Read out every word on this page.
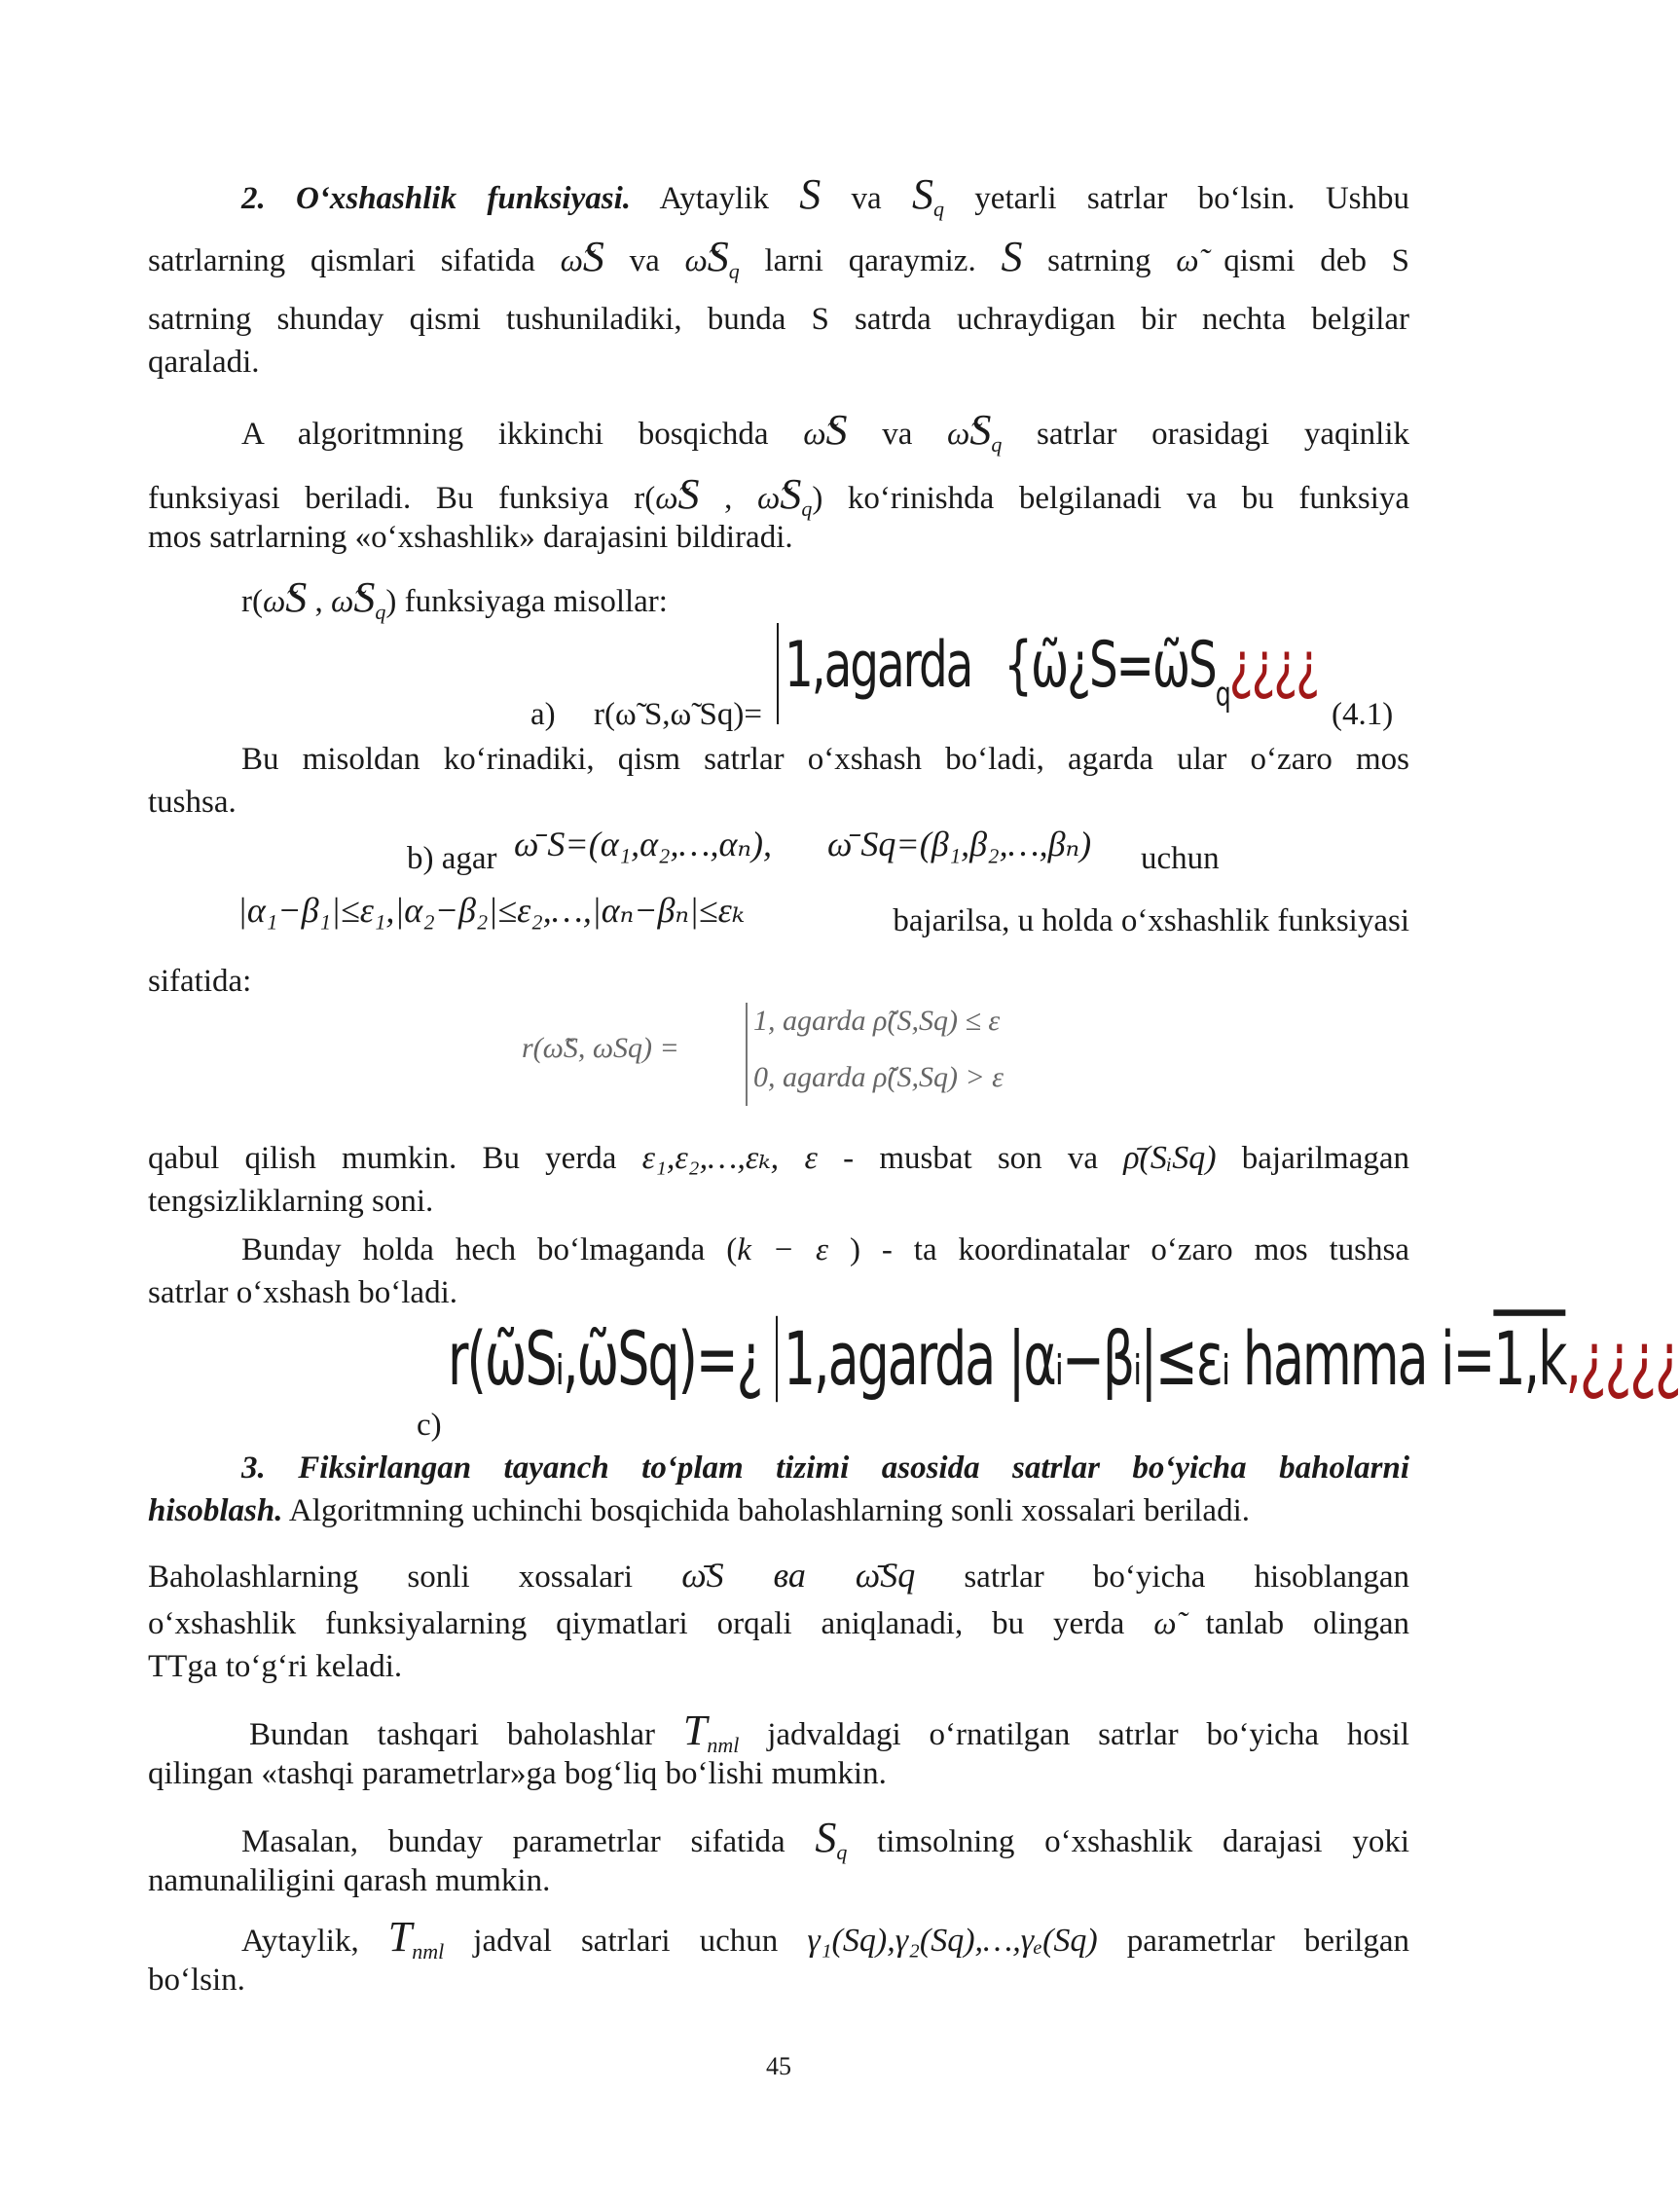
2. O‘xshashlik funksiyasi. Aytaylik S va $S_q$ yetarli satrlar bo‘lsin. Ushbu
satrlarning qismlari sifatida ω̃S va $\omegãS_q$ larni qaraymiz. S satrning ω̃ qismi deb S
satrning shunday qismi tushuniladiki, bunda S satrda uchraydigan bir nechta belgilar
qaraladi.
A algoritmning ikkinchi bosqichda ω̃S va $\omegãS_q$ satrlar orasidagi yaqinlik
funksiyasi beriladi. Bu funksiya r(ω̃S , $\omegãS_q$) ko‘rinishda belgilanadi va bu funksiya
mos satrlarning «o‘xshashlik» darajasini bildiradi.
r(ω̃S , $\omegãS_q$) funksiyaga misollar:
a) r(ω̃ S,ω̃ Sq)=
1,agarda {$\omegã¿S=\omegãS_q¿¿¿¿$
(4.1)
Bu misoldan ko‘rinadiki, qism satrlar o‘xshash bo‘ladi, agarda ular o‘zaro mos
tushsa.
b) agar ω̄ S=(α₁,α₂,…,αₙ), ω̄ Sq=(β₁,β₂,…,βₙ) uchun
|α₁−β₁|≤ε₁,|α₂−β₂|≤ε₂,…,|αₙ−βₙ|≤εₖ	bajarilsa, u holda o‘xshashlik funksiyasi
sifatida:
r(ω̃S, ωSq) =
1, agarda ρ̃(S,Sq) ≤ ε
0, agarda ρ̃(S,Sq) > ε
qabul qilish mumkin. Bu yerda ε₁,ε₂,…,εₖ, ε - musbat son va ρ̄(SᵢSq) bajarilmagan
tengsizliklarning soni.
Bunday holda hech bo‘lmaganda (k − ε ) - ta koordinatalar o‘zaro mos tushsa
satrlar o‘xshash bo‘ladi.
r(ω̃Sᵢ,ω̃Sq)=¿ 1,agarda |αᵢ−βᵢ|≤εᵢ hamma i=1,k,¿¿¿¿
c)
3. Fiksirlangan tayanch to‘plam tizimi asosida satrlar bo‘yicha baholarni
hisoblash. Algoritmning uchinchi bosqichida baholashlarning sonli xossalari beriladi.
Baholashlarning sonli xossalari ω̄S ва ω̄Sq satrlar bo‘yicha hisoblangan
o‘xshashlik funksiyalarning qiymatlari orqali aniqlanadi, bu yerda ω̃ tanlab olingan
TTga to‘g‘ri keladi.
Bundan tashqari baholashlar $T_{nml}$ jadvaldagi o‘rnatilgan satrlar bo‘yicha hosil
qilingan «tashqi parametrlar»ga bog‘liq bo‘lishi mumkin.
Masalan, bunday parametrlar sifatida $S_q$ timsolning o‘xshashlik darajasi yoki
namunaliligini qarash mumkin.
Aytaylik, $T_{nml}$ jadval satrlari uchun γ₁(Sq),γ₂(Sq),…,γₑ(Sq) parametrlar berilgan
bo‘lsin.
45
